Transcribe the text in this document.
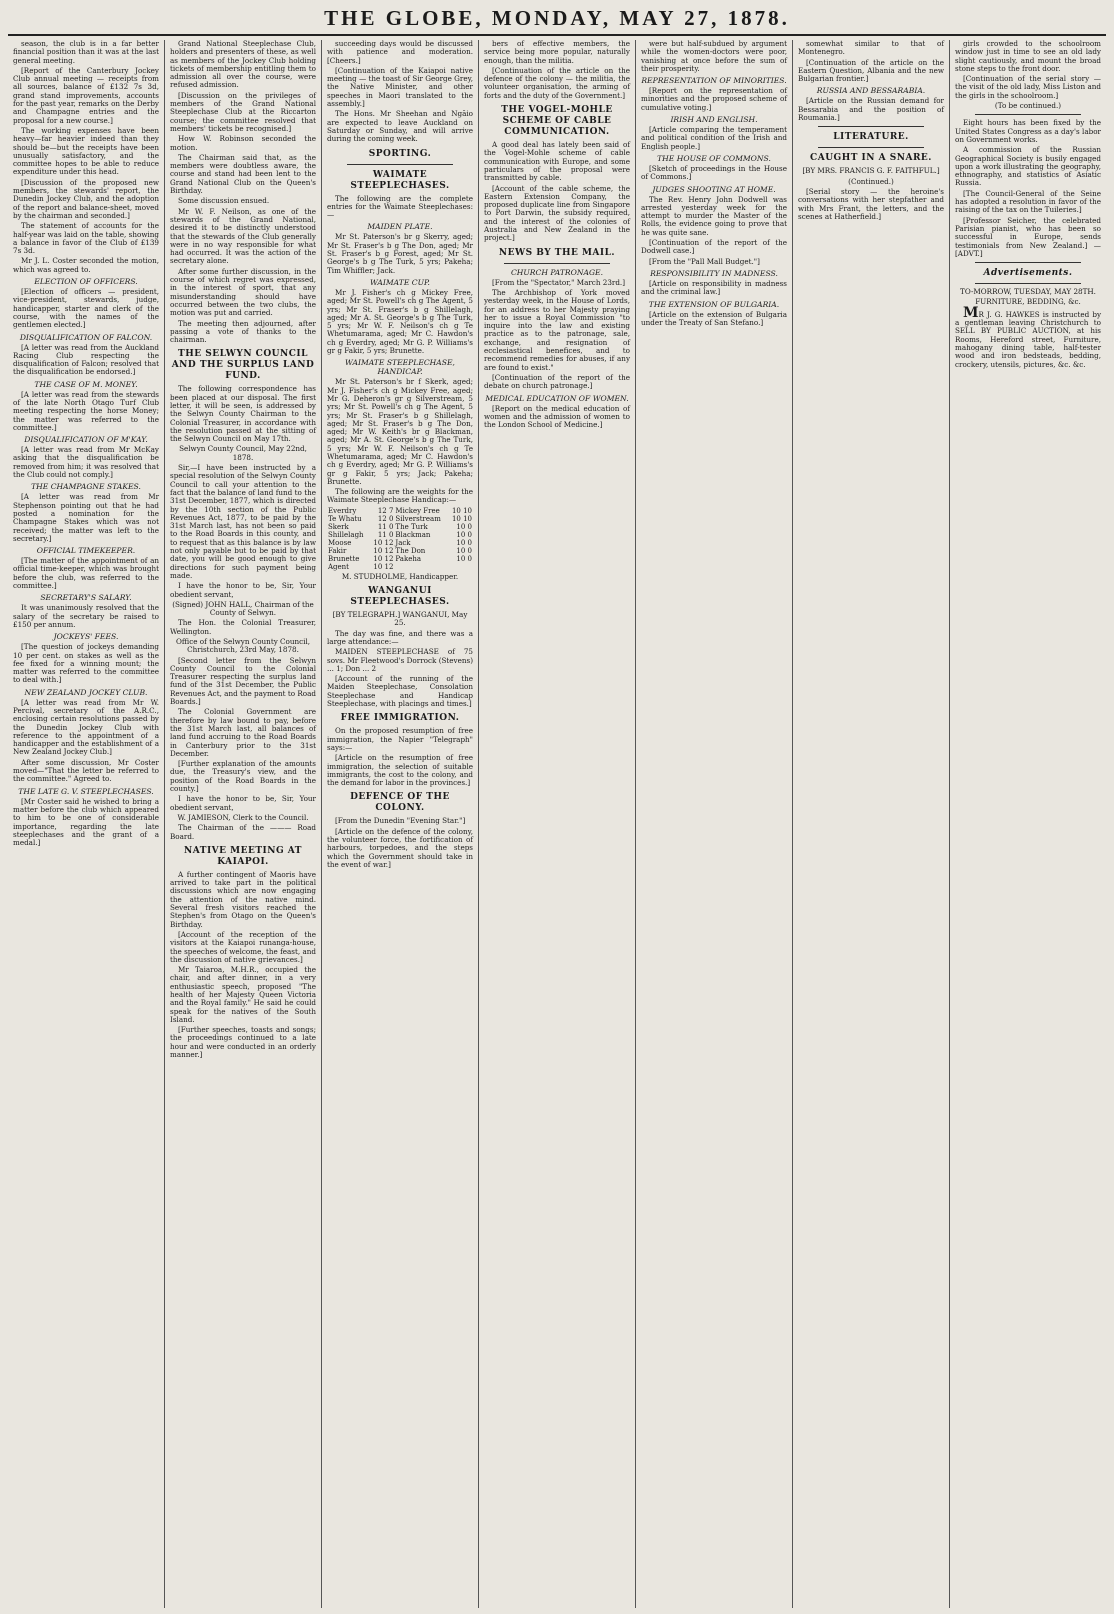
THE GLOBE, MONDAY, MAY 27, 1878.

season, the club is in a far better financial position than it was at the last general meeting.

[Report of the Canterbury Jockey Club annual meeting — receipts from all sources, balance of £132 7s 3d, grand stand improvements, accounts for the past year, remarks on the Derby and Champagne entries and the proposal for a new course.]

The working expenses have been heavy—far heavier indeed than they should be—but the receipts have been unusually satisfactory, and the committee hopes to be able to reduce expenditure under this head.

[Discussion of the proposed new members, the stewards' report, the Dunedin Jockey Club, and the adoption of the report and balance-sheet, moved by the chairman and seconded.]

The statement of accounts for the half-year was laid on the table, showing a balance in favor of the Club of £139 7s 3d.

Mr J. L. Coster seconded the motion, which was agreed to.

ELECTION OF OFFICERS.

[Election of officers — president, vice-president, stewards, judge, handicapper, starter and clerk of the course, with the names of the gentlemen elected.]

DISQUALIFICATION OF FALCON.

[A letter was read from the Auckland Racing Club respecting the disqualification of Falcon; resolved that the disqualification be endorsed.]

THE CASE OF M. MONEY.

[A letter was read from the stewards of the late North Otago Turf Club meeting respecting the horse Money; the matter was referred to the committee.]

DISQUALIFICATION OF M'KAY.

[A letter was read from Mr McKay asking that the disqualification be removed from him; it was resolved that the Club could not comply.]

THE CHAMPAGNE STAKES.

[A letter was read from Mr Stephenson pointing out that he had posted a nomination for the Champagne Stakes which was not received; the matter was left to the secretary.]

OFFICIAL TIMEKEEPER.

[The matter of the appointment of an official time-keeper, which was brought before the club, was referred to the committee.]

SECRETARY'S SALARY.

It was unanimously resolved that the salary of the secretary be raised to £150 per annum.

JOCKEYS' FEES.

[The question of jockeys demanding 10 per cent. on stakes as well as the fee fixed for a winning mount; the matter was referred to the committee to deal with.]

NEW ZEALAND JOCKEY CLUB.

[A letter was read from Mr W. Percival, secretary of the A.R.C., enclosing certain resolutions passed by the Dunedin Jockey Club with reference to the appointment of a handicapper and the establishment of a New Zealand Jockey Club.]

After some discussion, Mr Coster moved—"That the letter be referred to the committee." Agreed to.

THE LATE G. V. STEEPLECHASES.

[Mr Coster said he wished to bring a matter before the club which appeared to him to be one of considerable importance, regarding the late steeplechases and the grant of a medal.]

Grand National Steeplechase Club, holders and presenters of these, as well as members of the Jockey Club holding tickets of membership entitling them to admission all over the course, were refused admission.

[Discussion on the privileges of members of the Grand National Steeplechase Club at the Riccarton course; the committee resolved that members' tickets be recognised.]

How W. Robinson seconded the motion.

The Chairman said that, as the members were doubtless aware, the course and stand had been lent to the Grand National Club on the Queen's Birthday.

Some discussion ensued.

Mr W. F. Neilson, as one of the stewards of the Grand National, desired it to be distinctly understood that the stewards of the Club generally were in no way responsible for what had occurred. It was the action of the secretary alone.

After some further discussion, in the course of which regret was expressed, in the interest of sport, that any misunderstanding should have occurred between the two clubs, the motion was put and carried.

The meeting then adjourned, after passing a vote of thanks to the chairman.

THE SELWYN COUNCIL AND THE SURPLUS LAND FUND.

The following correspondence has been placed at our disposal. The first letter, it will be seen, is addressed by the Selwyn County Chairman to the Colonial Treasurer, in accordance with the resolution passed at the sitting of the Selwyn Council on May 17th.

Selwyn County Council, May 22nd, 1878.

Sir,—I have been instructed by a special resolution of the Selwyn County Council to call your attention to the fact that the balance of land fund to the 31st December, 1877, which is directed by the 10th section of the Public Revenues Act, 1877, to be paid by the 31st March last, has not been so paid to the Road Boards in this county, and to request that as this balance is by law not only payable but to be paid by that date, you will be good enough to give directions for such payment being made.

I have the honor to be, Sir, Your obedient servant,

(Signed) JOHN HALL, Chairman of the County of Selwyn.

The Hon. the Colonial Treasurer, Wellington.

Office of the Selwyn County Council, Christchurch, 23rd May, 1878.

[Second letter from the Selwyn County Council to the Colonial Treasurer respecting the surplus land fund of the 31st December, the Public Revenues Act, and the payment to Road Boards.]

The Colonial Government are therefore by law bound to pay, before the 31st March last, all balances of land fund accruing to the Road Boards in Canterbury prior to the 31st December.

[Further explanation of the amounts due, the Treasury's view, and the position of the Road Boards in the county.]

I have the honor to be, Sir, Your obedient servant,

W. JAMIESON, Clerk to the Council.

The Chairman of the ——— Road Board.

NATIVE MEETING AT KAIAPOI.

A further contingent of Maoris have arrived to take part in the political discussions which are now engaging the attention of the native mind. Several fresh visitors reached the Stephen's from Otago on the Queen's Birthday.

[Account of the reception of the visitors at the Kaiapoi runanga-house, the speeches of welcome, the feast, and the discussion of native grievances.]

Mr Taiaroa, M.H.R., occupied the chair, and after dinner, in a very enthusiastic speech, proposed "The health of her Majesty Queen Victoria and the Royal family." He said he could speak for the natives of the South Island.

[Further speeches, toasts and songs; the proceedings continued to a late hour and were conducted in an orderly manner.]

succeeding days would be discussed with patience and moderation. [Cheers.]

[Continuation of the Kaiapoi native meeting — the toast of Sir George Grey, the Native Minister, and other speeches in Maori translated to the assembly.]

The Hons. Mr Sheehan and Ngāio are expected to leave Auckland on Saturday or Sunday, and will arrive during the coming week.

SPORTING.
WAIMATE STEEPLECHASES.

The following are the complete entries for the Waimate Steeplechases:—

MAIDEN PLATE.

Mr St. Paterson's br g Skerry, aged; Mr St. Fraser's b g The Don, aged; Mr St. Fraser's b g Forest, aged; Mr St. George's b g The Turk, 5 yrs; Pakeha; Tim Whiffler; Jack.

WAIMATE CUP.

Mr J. Fisher's ch g Mickey Free, aged; Mr St. Powell's ch g The Agent, 5 yrs; Mr St. Fraser's b g Shillelagh, aged; Mr A. St. George's b g The Turk, 5 yrs; Mr W. F. Neilson's ch g Te Whetumarama, aged; Mr C. Hawdon's ch g Everdry, aged; Mr G. P. Williams's gr g Fakir, 5 yrs; Brunette.

WAIMATE STEEPLECHASE, HANDICAP.

Mr St. Paterson's br f Skerk, aged; Mr J. Fisher's ch g Mickey Free, aged; Mr G. Deheron's gr g Silverstream, 5 yrs; Mr St. Powell's ch g The Agent, 5 yrs; Mr St. Fraser's b g Shillelagh, aged; Mr St. Fraser's b g The Don, aged; Mr W. Keith's br g Blackman, aged; Mr A. St. George's b g The Turk, 5 yrs; Mr W. F. Neilson's ch g Te Whetumarama, aged; Mr C. Hawdon's ch g Everdry, aged; Mr G. P. Williams's gr g Fakir, 5 yrs; Jack; Pakeha; Brunette.

The following are the weights for the Waimate Steeplechase Handicap:—

Everdry	12 7	Mickey Free	10 10
Te Whatu	12 0	Silverstream	10 10
Skerk	11 0	The Turk	10 0
Shillelagh	11 0	Blackman	10 0
Moose	10 12	Jack	10 0
Fakir	10 12	The Don	10 0
Brunette	10 12	Pakeha	10 0
Agent	10 12		

M. STUDHOLME, Handicapper.

WANGANUI STEEPLECHASES.

[BY TELEGRAPH.] WANGANUI, May 25.

The day was fine, and there was a large attendance:—

MAIDEN STEEPLECHASE of 75 sovs. Mr Fleetwood's Dorrock (Stevens) ... 1; Don ... 2

[Account of the running of the Maiden Steeplechase, Consolation Steeplechase and Handicap Steeplechase, with placings and times.]

FREE IMMIGRATION.

On the proposed resumption of free immigration, the Napier "Telegraph" says:—

[Article on the resumption of free immigration, the selection of suitable immigrants, the cost to the colony, and the demand for labor in the provinces.]

DEFENCE OF THE COLONY.

[From the Dunedin "Evening Star."]

[Article on the defence of the colony, the volunteer force, the fortification of harbours, torpedoes, and the steps which the Government should take in the event of war.]

bers of effective members, the service being more popular, naturally enough, than the militia.

[Continuation of the article on the defence of the colony — the militia, the volunteer organisation, the arming of forts and the duty of the Government.]

THE VOGEL-MOHLE SCHEME OF CABLE COMMUNICATION.

A good deal has lately been said of the Vogel-Mohle scheme of cable communication with Europe, and some particulars of the proposal were transmitted by cable.

[Account of the cable scheme, the Eastern Extension Company, the proposed duplicate line from Singapore to Port Darwin, the subsidy required, and the interest of the colonies of Australia and New Zealand in the project.]

NEWS BY THE MAIL.
CHURCH PATRONAGE.

[From the "Spectator," March 23rd.]

The Archbishop of York moved yesterday week, in the House of Lords, for an address to her Majesty praying her to issue a Royal Commission "to inquire into the law and existing practice as to the patronage, sale, exchange, and resignation of ecclesiastical benefices, and to recommend remedies for abuses, if any are found to exist."

[Continuation of the report of the debate on church patronage.]

MEDICAL EDUCATION OF WOMEN.

[Report on the medical education of women and the admission of women to the London School of Medicine.]

were but half-subdued by argument while the women-doctors were poor, vanishing at once before the sum of their prosperity.

REPRESENTATION OF MINORITIES.

[Report on the representation of minorities and the proposed scheme of cumulative voting.]

IRISH AND ENGLISH.

[Article comparing the temperament and political condition of the Irish and English people.]

THE HOUSE OF COMMONS.

[Sketch of proceedings in the House of Commons.]

JUDGES SHOOTING AT HOME.

The Rev. Henry John Dodwell was arrested yesterday week for the attempt to murder the Master of the Rolls, the evidence going to prove that he was quite sane.

[Continuation of the report of the Dodwell case.]

[From the "Pall Mall Budget."]

RESPONSIBILITY IN MADNESS.

[Article on responsibility in madness and the criminal law.]

THE EXTENSION OF BULGARIA.

[Article on the extension of Bulgaria under the Treaty of San Stefano.]

somewhat similar to that of Montenegro.

[Continuation of the article on the Eastern Question, Albania and the new Bulgarian frontier.]

RUSSIA AND BESSARABIA.

[Article on the Russian demand for Bessarabia and the position of Roumania.]

LITERATURE.
CAUGHT IN A SNARE.

[BY MRS. FRANCIS G. F. FAITHFUL.]

(Continued.)

[Serial story — the heroine's conversations with her stepfather and with Mrs Frant, the letters, and the scenes at Hatherfield.]

girls crowded to the schoolroom window just in time to see an old lady slight cautiously, and mount the broad stone steps to the front door.

[Continuation of the serial story — the visit of the old lady, Miss Liston and the girls in the schoolroom.]

(To be continued.)

Eight hours has been fixed by the United States Congress as a day's labor on Government works.

A commission of the Russian Geographical Society is busily engaged upon a work illustrating the geography, ethnography, and statistics of Asiatic Russia.

[The Council-General of the Seine has adopted a resolution in favor of the raising of the tax on the Tuileries.]

[Professor Seicher, the celebrated Parisian pianist, who has been so successful in Europe, sends testimonials from New Zealand.] —[ADVT.]

Advertisements.

TO-MORROW, TUESDAY, MAY 28TH.

FURNITURE, BEDDING, &c.

MR J. G. HAWKES is instructed by a gentleman leaving Christchurch to SELL BY PUBLIC AUCTION, at his Rooms, Hereford street, Furniture, mahogany dining table, half-tester wood and iron bedsteads, bedding, crockery, utensils, pictures, &c. &c.
